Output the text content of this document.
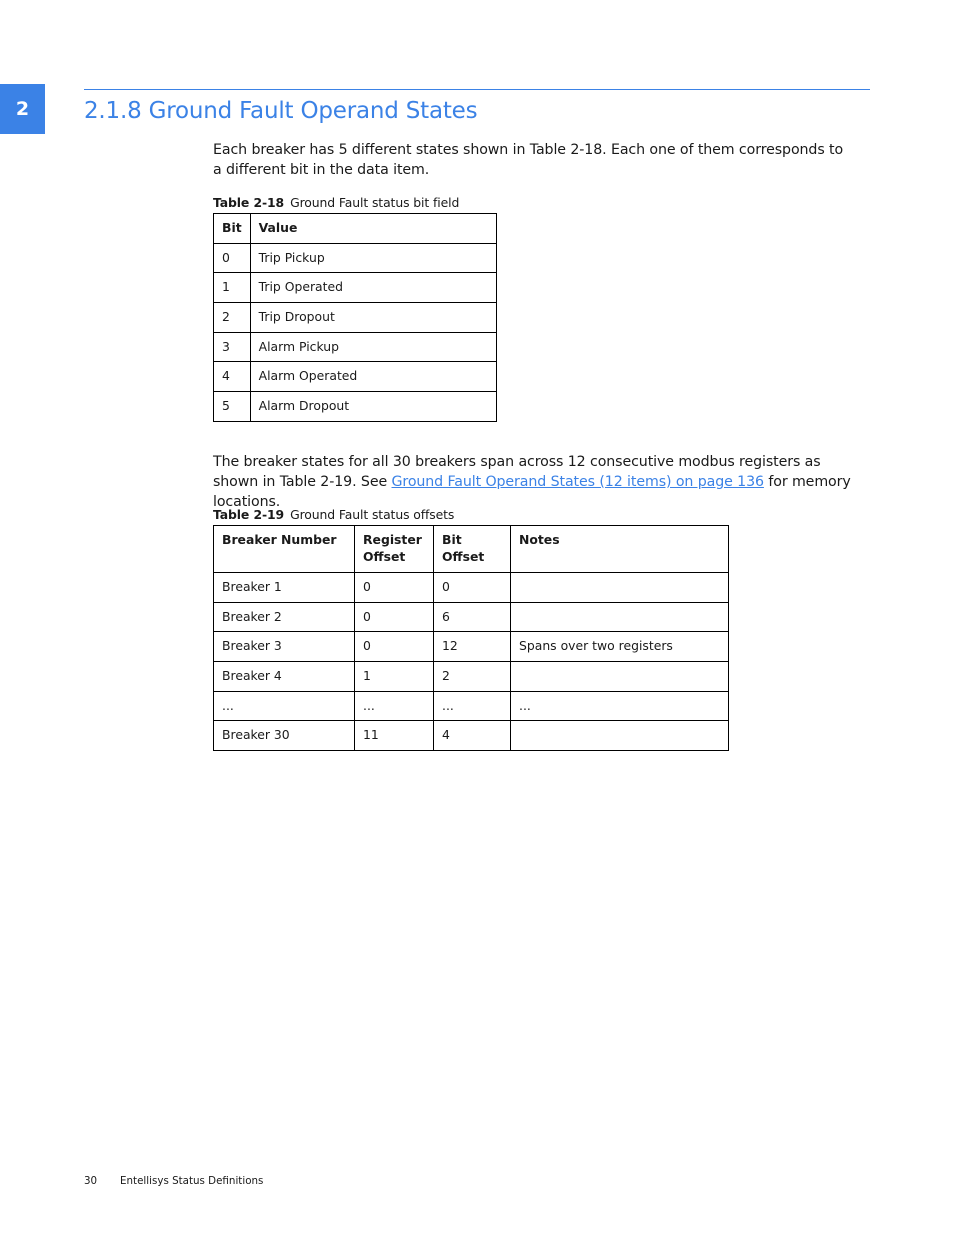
2	2.1.8 Ground Fault Operand States

Each breaker has 5 different states shown in Table 2-18. Each one of them corresponds to a different bit in the data item.

Table 2-18 Ground Fault status bit field
Bit	Value
0	Trip Pickup
1	Trip Operated
2	Trip Dropout
3	Alarm Pickup
4	Alarm Operated
5	Alarm Dropout

The breaker states for all 30 breakers span across 12 consecutive modbus registers as shown in Table 2-19. See Ground Fault Operand States (12 items) on page 136 for memory locations.

Table 2-19 Ground Fault status offsets
Breaker Number	Register Offset	Bit Offset	Notes
Breaker 1	0	0	
Breaker 2	0	6	
Breaker 3	0	12	Spans over two registers
Breaker 4	1	2	
...	...	...	...
Breaker 30	11	4	
30 Entellisys Status Definitions
